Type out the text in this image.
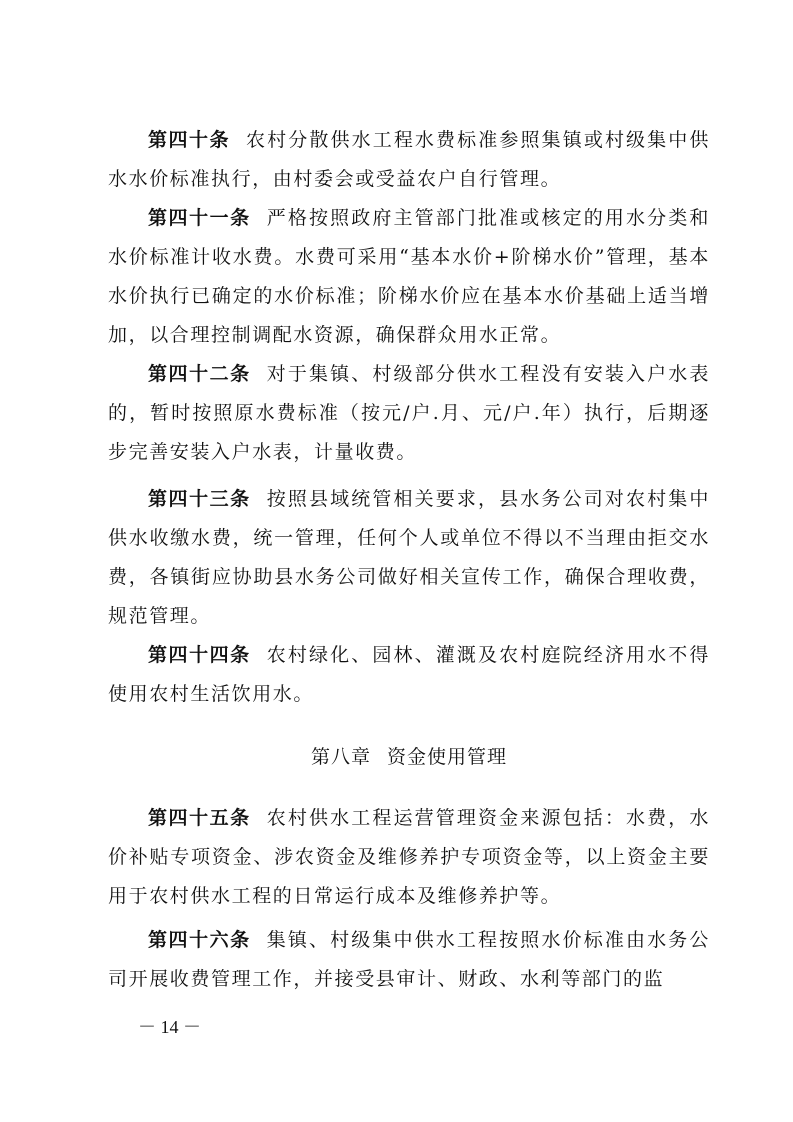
第四十条 农村分散供水工程水费标准参照集镇或村级集中供水水价标准执行，由村委会或受益农户自行管理。

第四十一条 严格按照政府主管部门批准或核定的用水分类和水价标准计收水费。水费可采用“基本水价+阶梯水价”管理，基本水价执行已确定的水价标准；阶梯水价应在基本水价基础上适当增加，以合理控制调配水资源，确保群众用水正常。

第四十二条 对于集镇、村级部分供水工程没有安装入户水表的，暂时按照原水费标准（按元/户.月、元/户.年）执行，后期逐步完善安装入户水表，计量收费。

第四十三条 按照县域统管相关要求，县水务公司对农村集中供水收缴水费，统一管理，任何个人或单位不得以不当理由拒交水费，各镇街应协助县水务公司做好相关宣传工作，确保合理收费，规范管理。

第四十四条 农村绿化、园林、灌溉及农村庭院经济用水不得使用农村生活饮用水。

第八章 资金使用管理

第四十五条 农村供水工程运营管理资金来源包括：水费，水价补贴专项资金、涉农资金及维修养护专项资金等，以上资金主要用于农村供水工程的日常运行成本及维修养护等。

第四十六条 集镇、村级集中供水工程按照水价标准由水务公司开展收费管理工作，并接受县审计、财政、水利等部门的监

－ 14 －
